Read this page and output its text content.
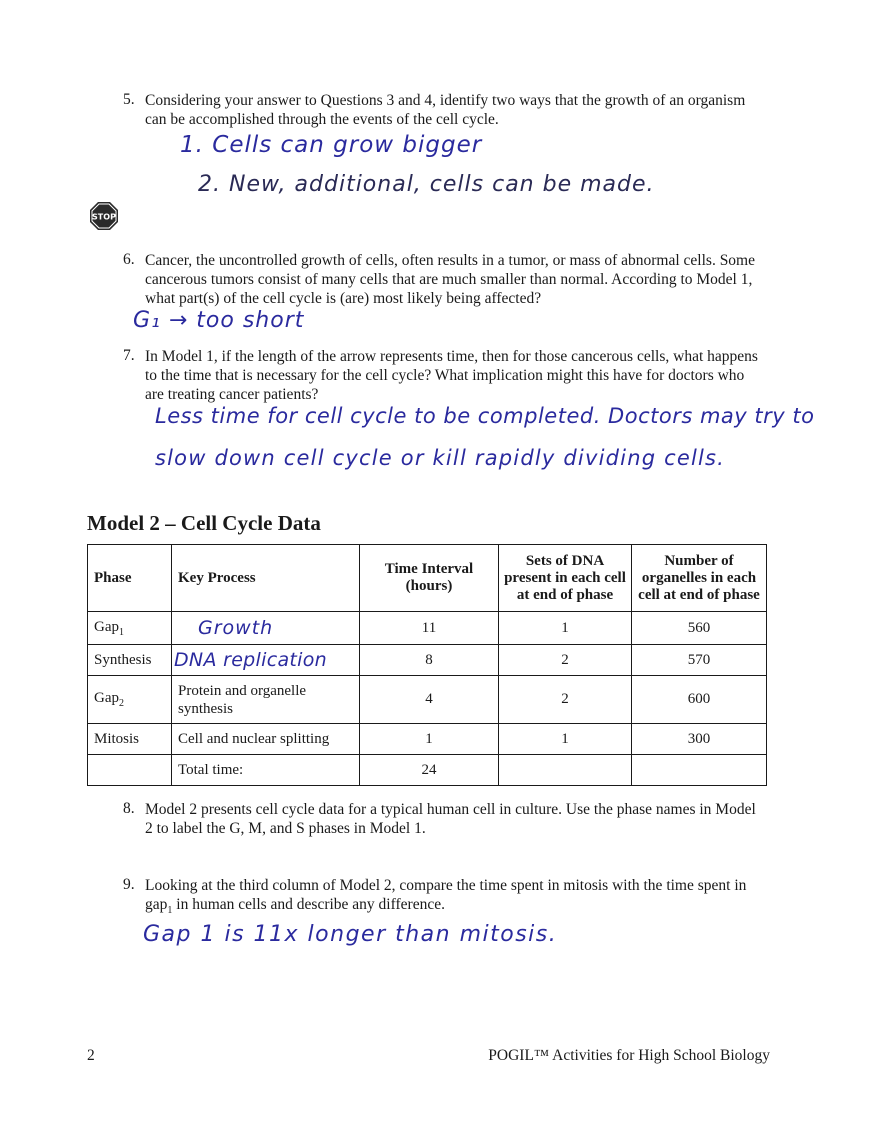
5. Considering your answer to Questions 3 and 4, identify two ways that the growth of an organism can be accomplished through the events of the cell cycle.
1. Cells can grow bigger
2. New, additional, cells can be made.
STOP
6. Cancer, the uncontrolled growth of cells, often results in a tumor, or mass of abnormal cells. Some cancerous tumors consist of many cells that are much smaller than normal. According to Model 1, what part(s) of the cell cycle is (are) most likely being affected?
G₁ → too short
7. In Model 1, if the length of the arrow represents time, then for those cancerous cells, what happens to the time that is necessary for the cell cycle? What implication might this have for doctors who are treating cancer patients?
Less time for cell cycle to be completed. Doctors may try to
slow down cell cycle or kill rapidly dividing cells.
Model 2 – Cell Cycle Data
Phase	Key Process	Time Interval (hours)	Sets of DNA present in each cell at end of phase	Number of organelles in each cell at end of phase
Gap$_1$	Growth	11	1	560
Synthesis	DNA replication	8	2	570
Gap$_2$	Protein and organelle synthesis	4	2	600
Mitosis	Cell and nuclear splitting	1	1	300
	Total time:	24		
8. Model 2 presents cell cycle data for a typical human cell in culture. Use the phase names in Model 2 to label the G, M, and S phases in Model 1.
9. Looking at the third column of Model 2, compare the time spent in mitosis with the time spent in gap$_1$ in human cells and describe any difference.
Gap 1 is 11x longer than mitosis.
2	POGIL™ Activities for High School Biology
